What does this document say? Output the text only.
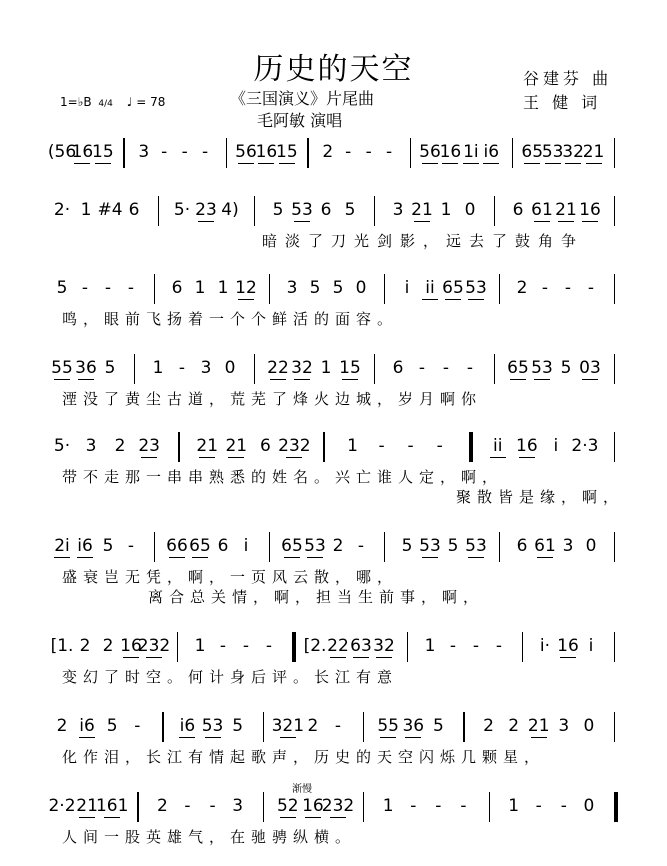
历史的天空
《三国演义》片尾曲
毛阿敏 演唱
谷建芬 曲
王 健 词
1=♭B 4/4 ♩ = 78
(56
16
15 3 - - - 56
16
15 2 - - - 56
16 1i i6 65
53
32
21
2· 1 #4 6 5· 23 4) 5 53 6 5 3 21 1 0 6 61 21 16
暗淡了刀光剑影，远去了鼓角争
5 - - - 6 1 1 12 3 5 5 0 i ii 65 53 2 - - -
鸣，眼前飞扬着一个个鲜活的面容。
55 36 5 1 - 3 0 22 32 1 15 6 - - - 65 53 5 03
湮没了黄尘古道，荒芜了烽火边城，岁月啊你
5· 3 2 23 21 21 6 232 1 - - -	ii 16 i 2·3
带不走那一串串熟悉的姓名。兴亡谁人定，啊，
聚散皆是缘，啊，
2i i6 5 - 66 65 6 i 65 53 2 - 5 53 5 53 6 61 3 0
盛衰岂无凭，啊，一页风云散，哪，
离合总关情，啊，担当生前事，啊，
[1. 2 2 16
232 1 - - - [2. 22 63 32 1 - - - i· 16 i
变幻了时空。何计身后评。长江有意
2 i6 5 - i6 53 5 321 2 - 55 36 5 2 2 21 3 0
化作泪，长江有情起歌声，历史的天空闪烁几颗星，
2·2 21
161 2 - - 3 52 16
232 1 - - - 1 - - 0
渐慢
人间一股英雄气，在驰骋纵横。
